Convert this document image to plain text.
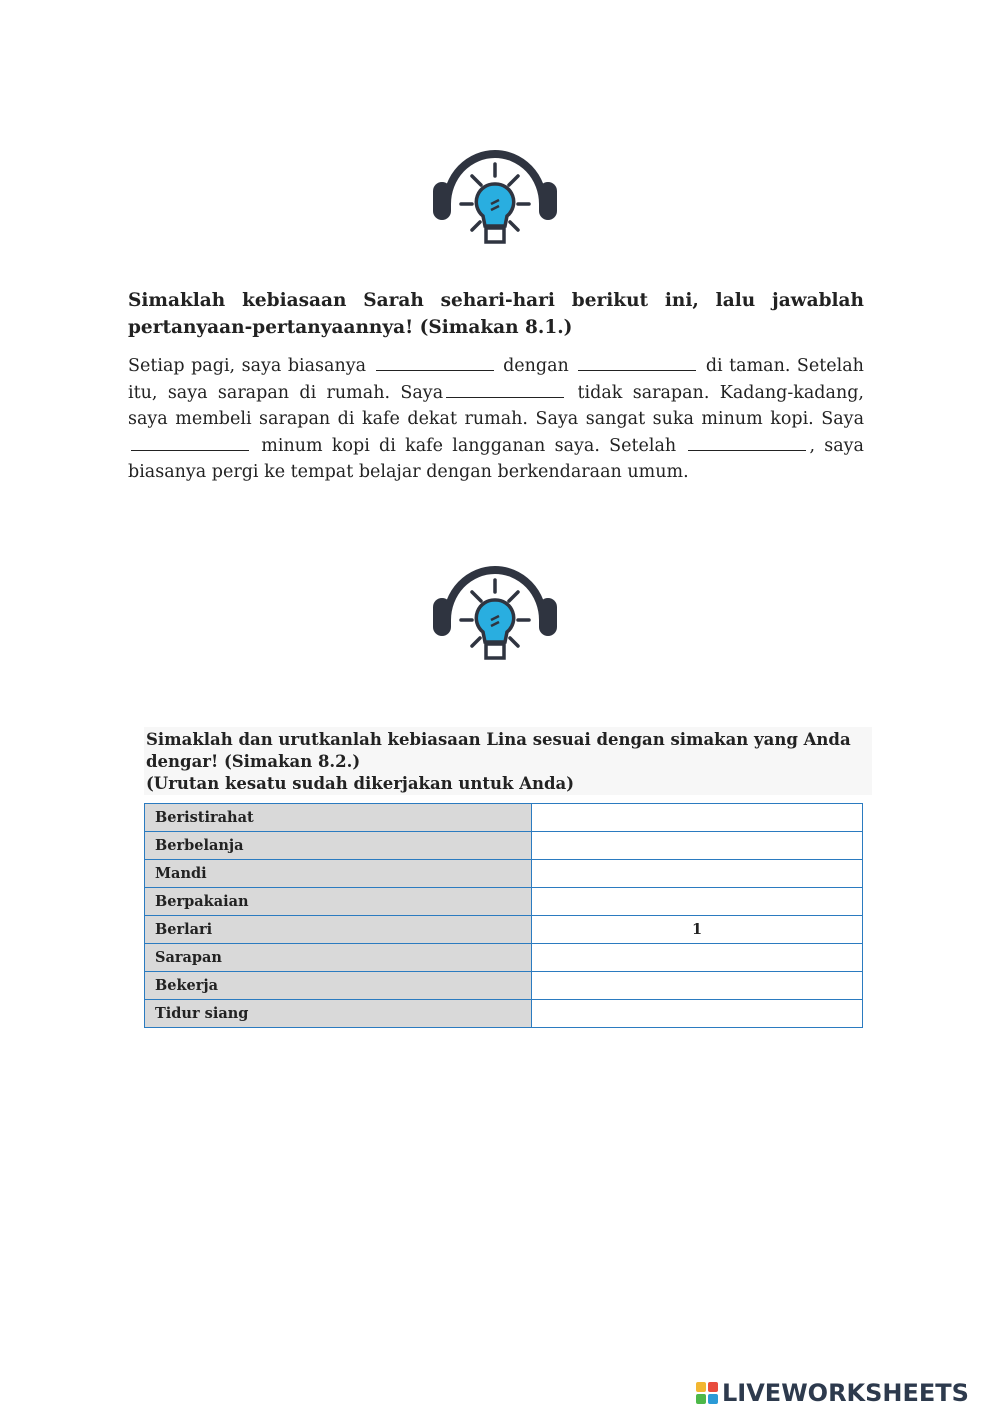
Simaklah kebiasaan Sarah sehari-hari berikut ini, lalu jawablah pertanyaan-pertanyaannya! (Simakan 8.1.)

Setiap pagi, saya biasanya	dengan	di taman. Setelah itu, saya sarapan di rumah. Saya	tidak sarapan. Kadang-kadang, saya membeli sarapan di kafe dekat rumah. Saya sangat suka minum kopi. Saya  minum kopi di kafe langganan saya. Setelah	, saya biasanya pergi ke tempat belajar dengan berkendaraan umum.

Simaklah dan urutkanlah kebiasaan Lina sesuai dengan simakan yang Anda dengar! (Simakan 8.2.)
(Urutan kesatu sudah dikerjakan untuk Anda)
Beristirahat	
Berbelanja	
Mandi	
Berpakaian	
Berlari	1
Sarapan	
Bekerja	
Tidur siang	
LIVEWORKSHEETS
